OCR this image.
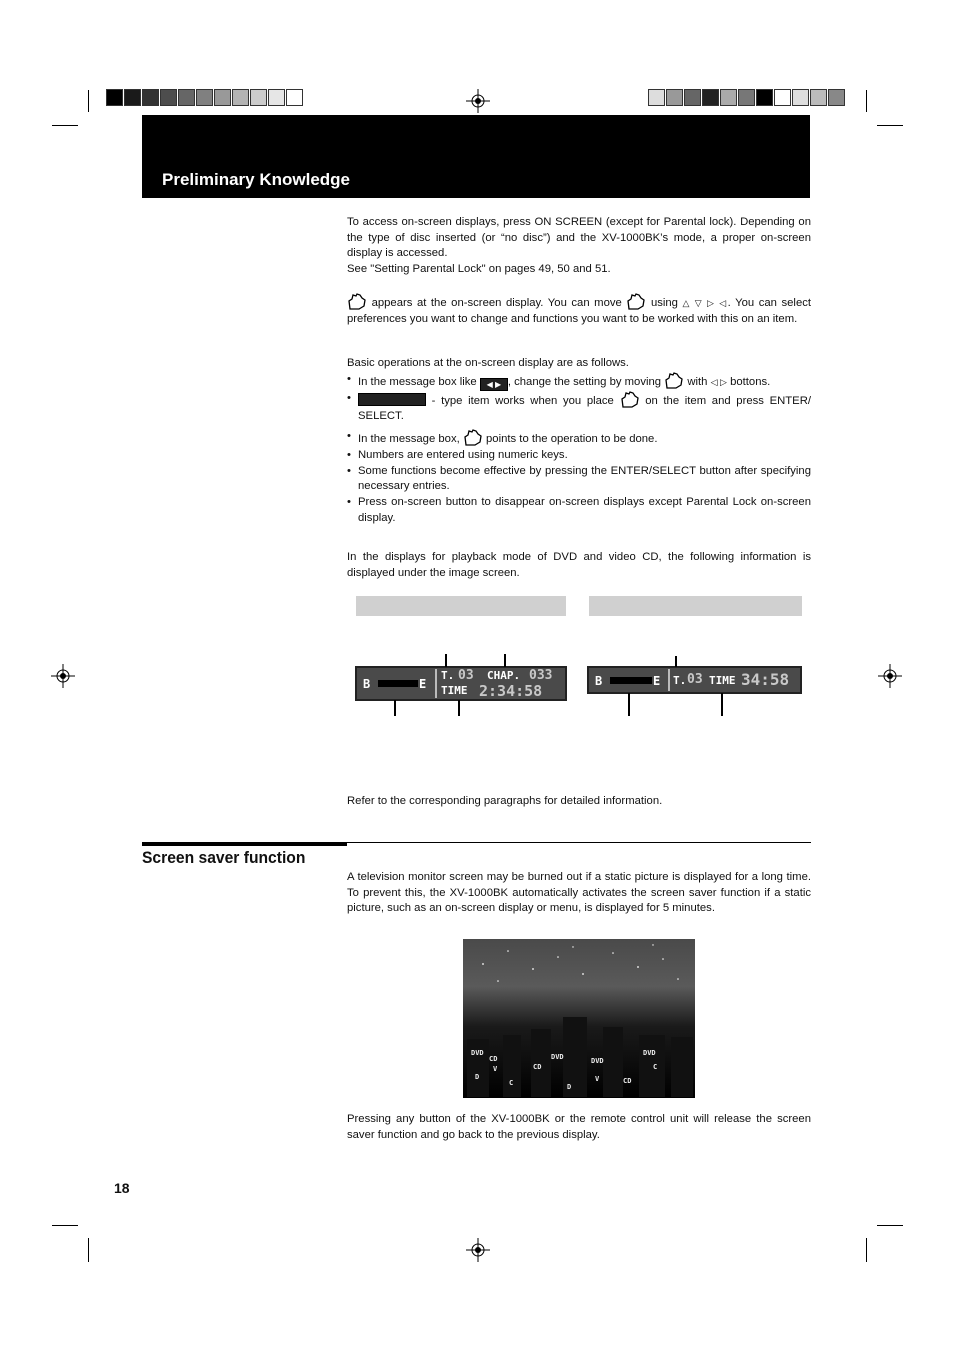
Preliminary Knowledge
To access on-screen displays, press ON SCREEN (except for Parental lock). Depending on the type of disc inserted (or “no disc”) and the XV-1000BK’s mode, a proper on-screen display is accessed.
See "Setting Parental Lock" on pages 49, 50 and 51.
appears at the on-screen display. You can move	using △ ▽ ▷ ◁. You can select preferences you want to change and functions you want to be worked with this on an item.
Basic operations at the on-screen display are as follows.
• In the message box like ◀ ▶ , change the setting by moving with ◁ ▷ bottons.
• - type item works when you place	on the item and press ENTER/ SELECT.
• In the message box, points to the operation to be done.
• Numbers are entered using numeric keys.
• Some functions become effective by pressing the ENTER/SELECT button after specifying necessary entries.
• Press on-screen button to disappear on-screen displays except Parental Lock on-screen display.
In the displays for playback mode of DVD and video CD, the following information is displayed under the image screen.
B	E
T. 03 CHAP. 033
TIME 2:34:58
B	E T. 03 TIME 34:58
Refer to the corresponding paragraphs for detailed information.
Screen saver function
A television monitor screen may be burned out if a static picture is displayed for a long time. To prevent this, the XV-1000BK automatically activates the screen saver function if a static picture, such as an on-screen display or menu, is displayed for 5 minutes.
DVD
CD
V
D
C
DVD
CD
DVD
V	CD
D
C
DVD
Pressing any button of the XV-1000BK or the remote control unit will release the screen saver function and go back to the previous display.
18
